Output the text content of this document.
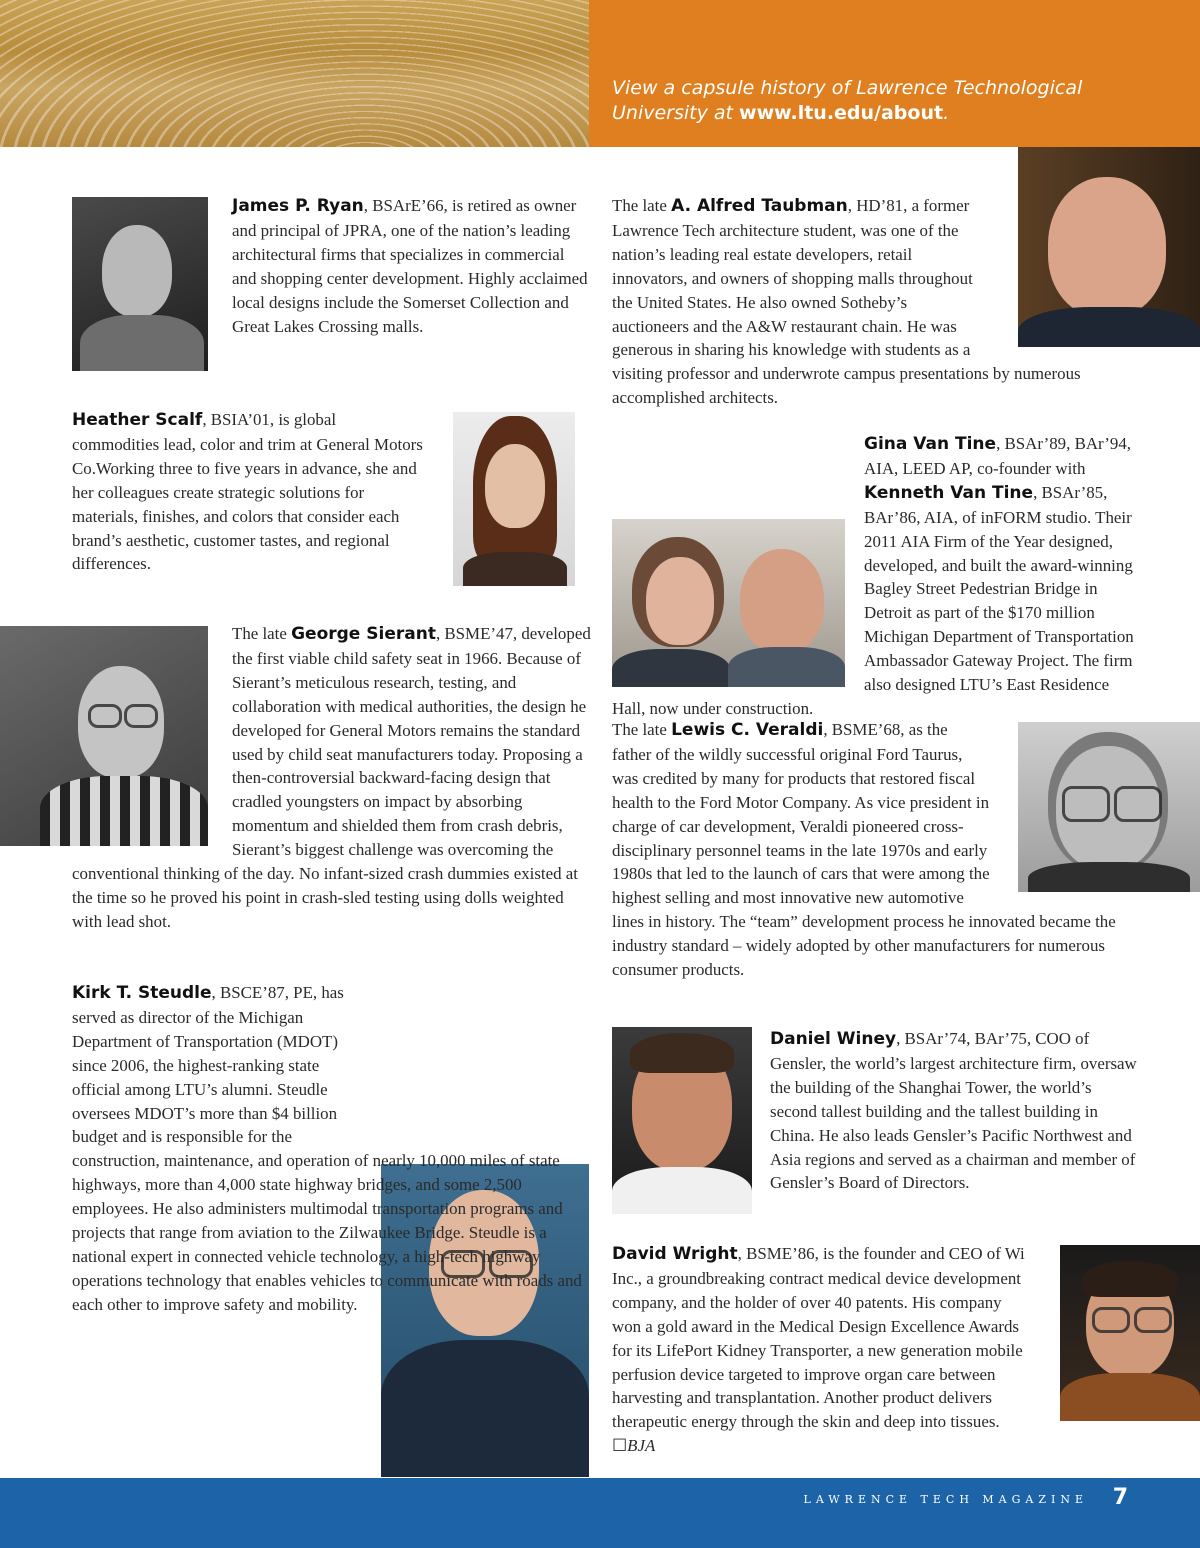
View a capsule history of Lawrence Technological University at www.ltu.edu/about.

James P. Ryan, BSArE’66, is retired as owner and principal of JPRA, one of the nation’s leading architectural firms that specializes in commercial and shopping center development. Highly acclaimed local designs include the Somerset Collection and Great Lakes Crossing malls.

Heather Scalf, BSIA’01, is global commodities lead, color and trim at General Motors Co.Working three to five years in advance, she and her colleagues create strategic solutions for materials, finishes, and colors that consider each brand’s aesthetic, customer tastes, and regional differences.

The late George Sierant, BSME’47, developed the first viable child safety seat in 1966. Because of Sierant’s meticulous research, testing, and collaboration with medical authorities, the design he developed for General Motors remains the standard used by child seat manufacturers today. Proposing a then-controversial backward-facing design that cradled youngsters on impact by absorbing momentum and shielded them from crash debris, Sierant’s biggest challenge was overcoming the conventional thinking of the day. No infant-sized crash dummies existed at the time so he proved his point in crash-sled testing using dolls weighted with lead shot.
Kirk T. Steudle, BSCE’87, PE, has served as director of the Michigan Department of Transportation (MDOT) since 2006, the highest-ranking state official among LTU’s alumni. Steudle oversees MDOT’s more than $4 billion budget and is responsible for the construction, maintenance, and operation of nearly 10,000 miles of state highways, more than 4,000 state highway bridges, and some 2,500 employees. He also administers multimodal transportation programs and projects that range from aviation to the Zilwaukee Bridge. Steudle is a national expert in connected vehicle technology, a high-tech highway operations technology that enables vehicles to communicate with roads and each other to improve safety and mobility.
The late A. Alfred Taubman, HD’81, a former Lawrence Tech architecture student, was one of the nation’s leading real estate developers, retail innovators, and owners of shopping malls throughout the United States. He also owned Sotheby’s auctioneers and the A&W restaurant chain. He was generous in sharing his knowledge with students as a visiting professor and underwrote campus presentations by numerous accomplished architects.
Gina Van Tine, BSAr’89, BAr’94, AIA, LEED AP, co-founder with Kenneth Van Tine, BSAr’85, BAr’86, AIA, of inFORM studio. Their 2011 AIA Firm of the Year designed, developed, and built the award-winning Bagley Street Pedestrian Bridge in Detroit as part of the $170 million Michigan Department of Transportation Ambassador Gateway Project. The firm also designed LTU’s East Residence Hall, now under construction.
The late Lewis C. Veraldi, BSME’68, as the father of the wildly successful original Ford Taurus, was credited by many for products that restored fiscal health to the Ford Motor Company. As vice president in charge of car development, Veraldi pioneered cross-disciplinary personnel teams in the late 1970s and early 1980s that led to the launch of cars that were among the highest selling and most innovative new automotive lines in history. The “team” development process he innovated became the industry standard – widely adopted by other manufacturers for numerous consumer products.

Daniel Winey, BSAr’74, BAr’75, COO of Gensler, the world’s largest architecture firm, oversaw the building of the Shanghai Tower, the world’s second tallest building and the tallest building in China. He also leads Gensler’s Pacific Northwest and Asia regions and served as a chairman and member of Gensler’s Board of Directors.

David Wright, BSME’86, is the founder and CEO of Wi Inc., a groundbreaking contract medical device development company, and the holder of over 40 patents. His company won a gold award in the Medical Design Excellence Awards for its LifePort Kidney Transporter, a new generation mobile perfusion device targeted to improve organ care between harvesting and transplantation. Another product delivers therapeutic energy through the skin and deep into tissues. ☐BJA
LAWRENCE TECH MAGAZINE 7
